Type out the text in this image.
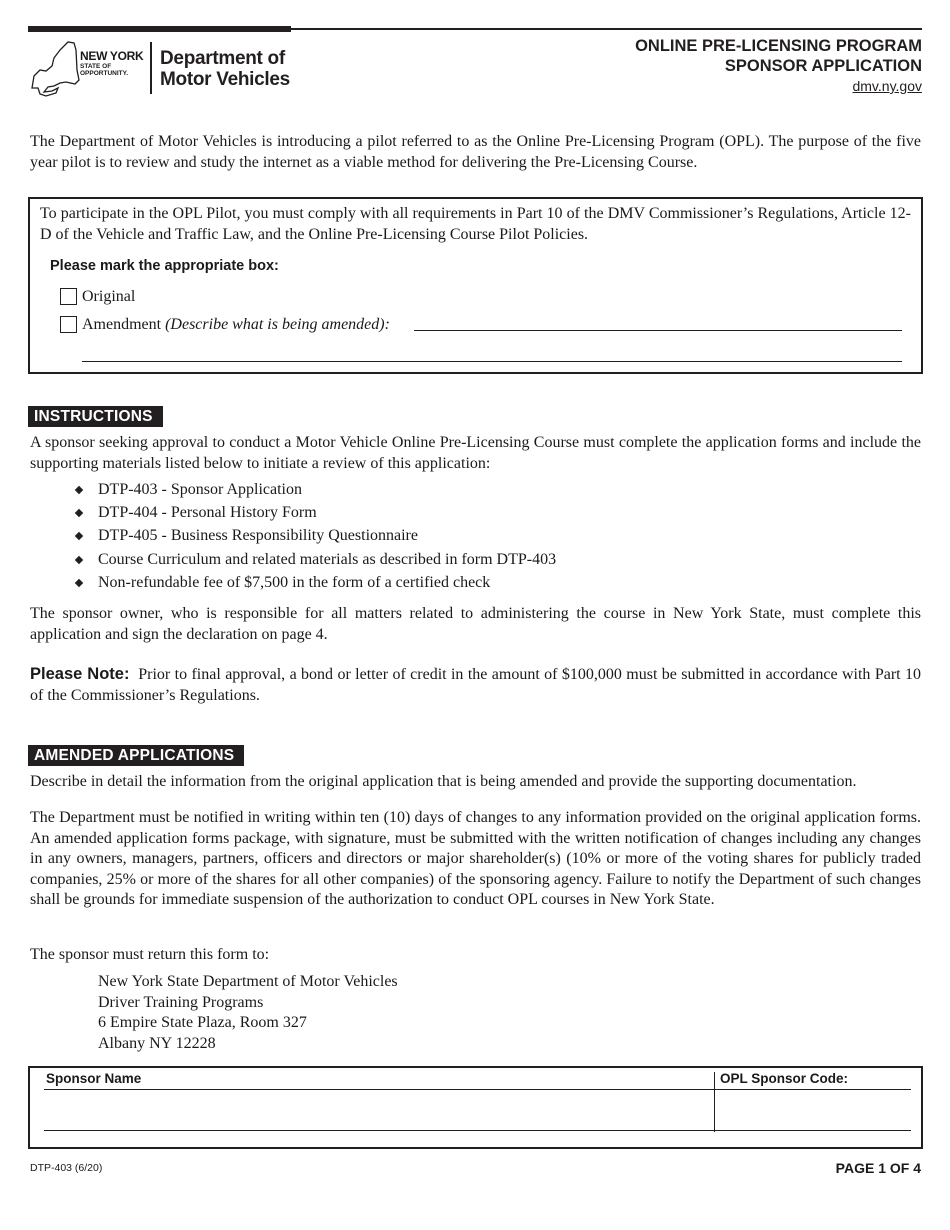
NEW YORK
STATE OF
OPPORTUNITY.
Department of
Motor Vehicles
ONLINE PRE-LICENSING PROGRAM
SPONSOR APPLICATION
dmv.ny.gov
The Department of Motor Vehicles is introducing a pilot referred to as the Online Pre-Licensing Program (OPL). The purpose of the five year pilot is to review and study the internet as a viable method for delivering the Pre-Licensing Course.
To participate in the OPL Pilot, you must comply with all requirements in Part 10 of the DMV Commissioner’s Regulations, Article 12-D of the Vehicle and Traffic Law, and the Online Pre-Licensing Course Pilot Policies.
Please mark the appropriate box:
Original
Amendment (Describe what is being amended):
INSTRUCTIONS
A sponsor seeking approval to conduct a Motor Vehicle Online Pre-Licensing Course must complete the application forms and include the supporting materials listed below to initiate a review of this application:
DTP-403 - Sponsor Application
DTP-404 - Personal History Form
DTP-405 - Business Responsibility Questionnaire
Course Curriculum and related materials as described in form DTP-403
Non-refundable fee of $7,500 in the form of a certified check
The sponsor owner, who is responsible for all matters related to administering the course in New York State, must complete this application and sign the declaration on page 4.
Please Note: Prior to final approval, a bond or letter of credit in the amount of $100,000 must be submitted in accordance with Part 10 of the Commissioner’s Regulations.
AMENDED APPLICATIONS
Describe in detail the information from the original application that is being amended and provide the supporting documentation.
The Department must be notified in writing within ten (10) days of changes to any information provided on the original application forms. An amended application forms package, with signature, must be submitted with the written notification of changes including any changes in any owners, managers, partners, officers and directors or major shareholder(s) (10% or more of the voting shares for publicly traded companies, 25% or more of the shares for all other companies) of the sponsoring agency. Failure to notify the Department of such changes shall be grounds for immediate suspension of the authorization to conduct OPL courses in New York State.
The sponsor must return this form to:
New York State Department of Motor Vehicles
Driver Training Programs
6 Empire State Plaza, Room 327
Albany NY 12228
Sponsor Name	OPL Sponsor Code:
DTP-403 (6/20)	PAGE 1 OF 4
